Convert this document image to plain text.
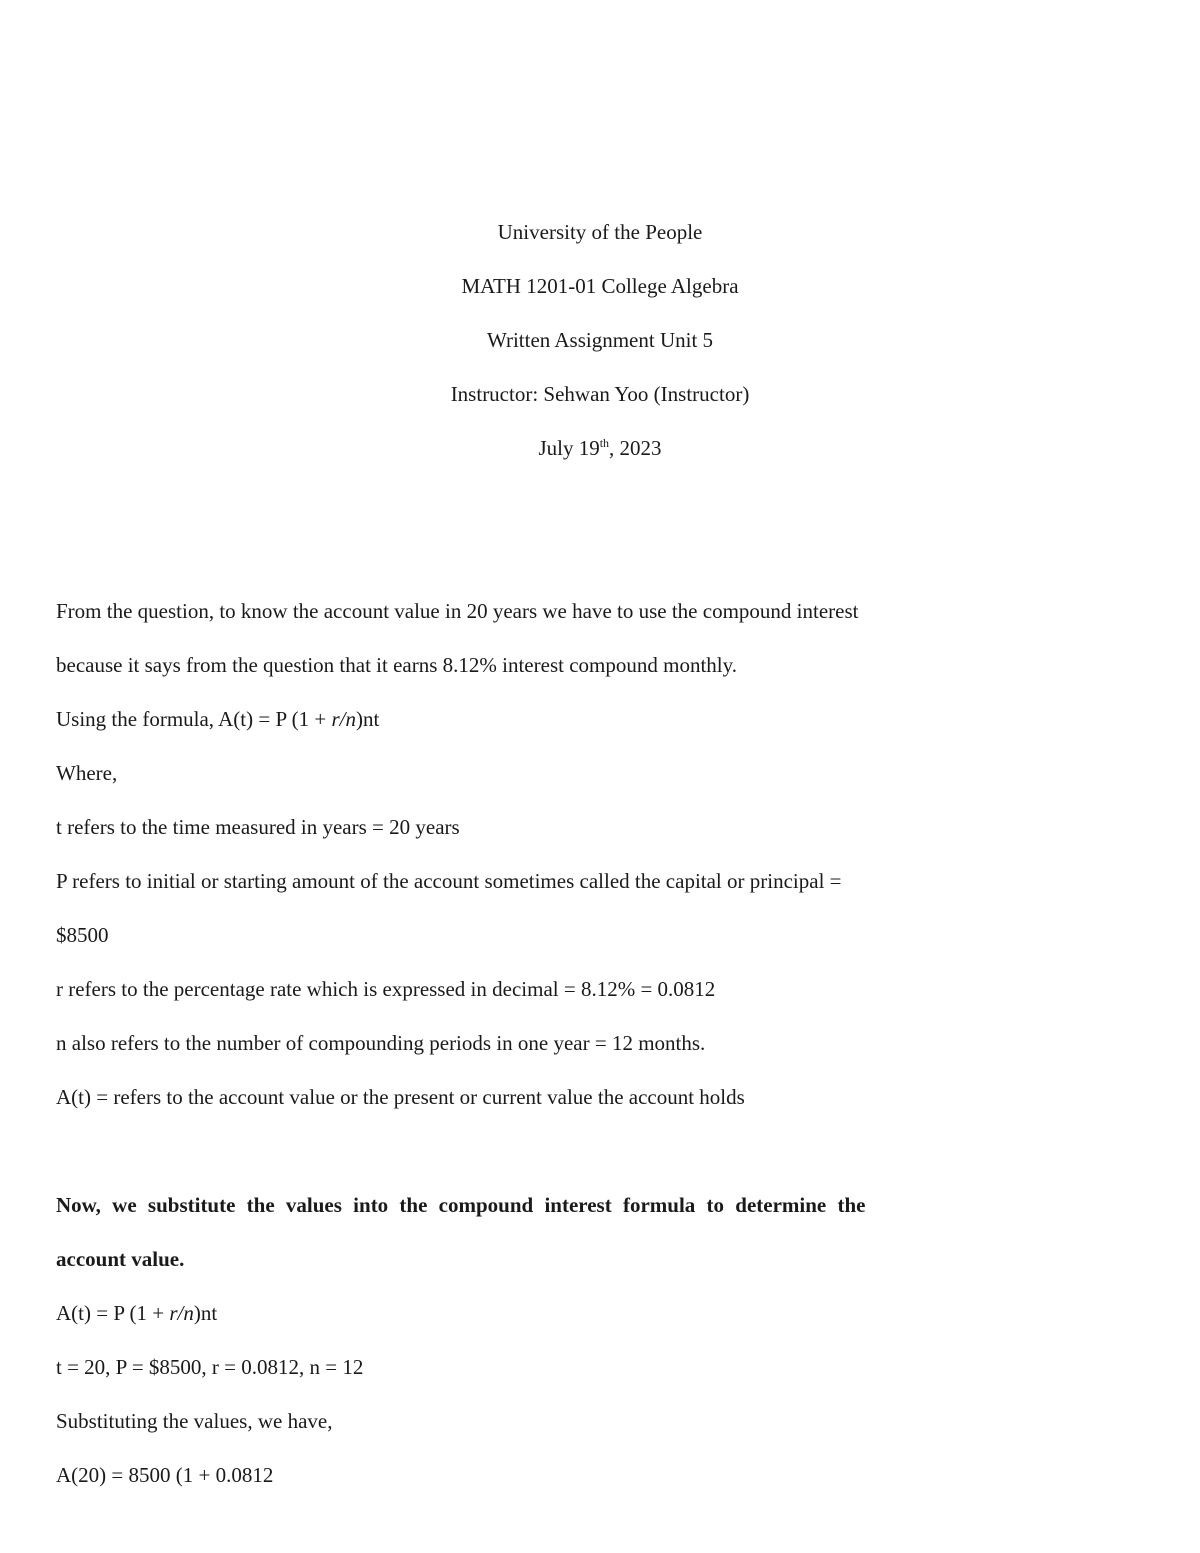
University of the People

MATH 1201-01 College Algebra

Written Assignment Unit 5

Instructor: Sehwan Yoo (Instructor)

July 19th, 2023

From the question, to know the account value in 20 years we have to use the compound interest

because it says from the question that it earns 8.12% interest compound monthly.

Using the formula, A(t) = P (1 + r/n)nt

Where,

t refers to the time measured in years = 20 years

P refers to initial or starting amount of the account sometimes called the capital or principal =

$8500

r refers to the percentage rate which is expressed in decimal = 8.12% = 0.0812

n also refers to the number of compounding periods in one year = 12 months.

A(t) = refers to the account value or the present or current value the account holds

Now, we substitute the values into the compound interest formula to determine the

account value.

A(t) = P (1 + r/n)nt

t = 20, P = $8500, r = 0.0812, n = 12

Substituting the values, we have,

A(20) = 8500 (1 + 0.0812
